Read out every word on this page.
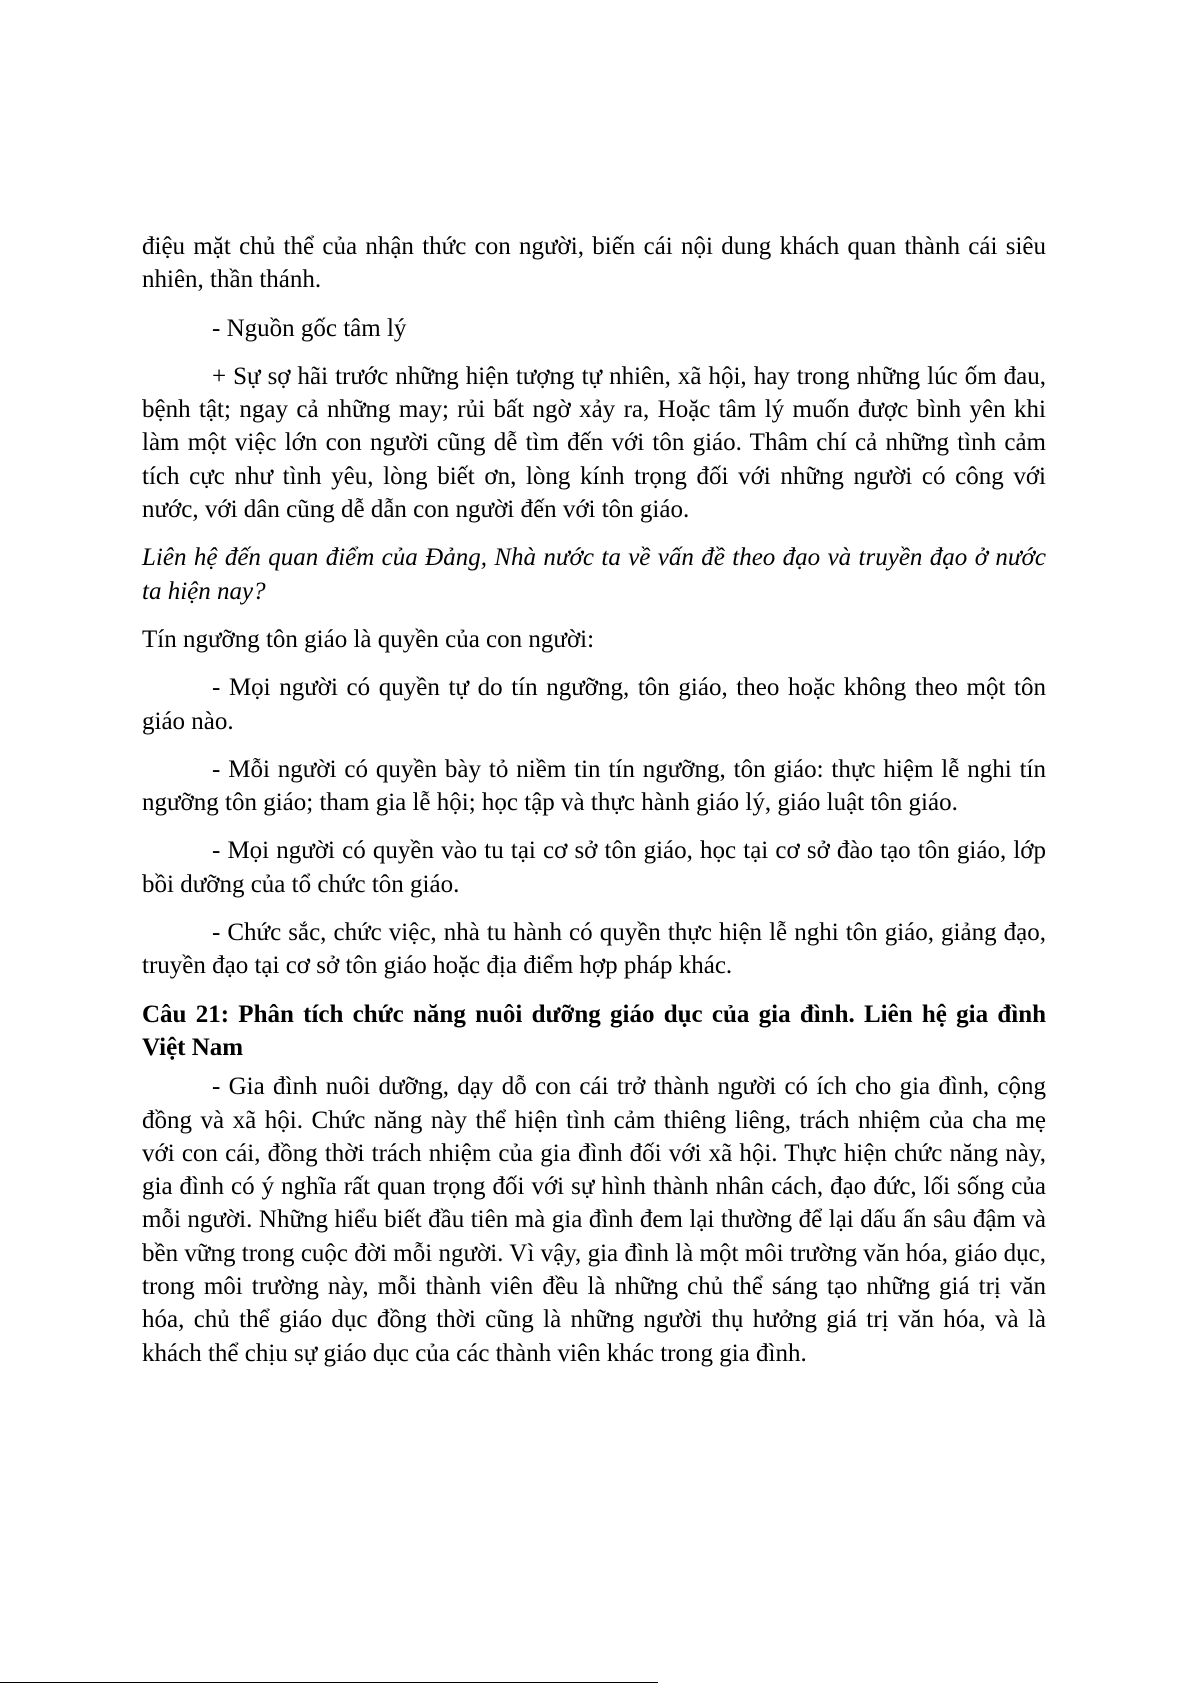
điệu mặt chủ thể của nhận thức con người, biến cái nội dung khách quan thành cái siêu nhiên, thần thánh.

- Nguồn gốc tâm lý

+ Sự sợ hãi trước những hiện tượng tự nhiên, xã hội, hay trong những lúc ốm đau, bệnh tật; ngay cả những may; rủi bất ngờ xảy ra, Hoặc tâm lý muốn được bình yên khi làm một việc lớn con người cũng dễ tìm đến với tôn giáo. Thâm chí cả những tình cảm tích cực như tình yêu, lòng biết ơn, lòng kính trọng đối với những người có công với nước, với dân cũng dễ dẫn con người đến với tôn giáo.

Liên hệ đến quan điểm của Đảng, Nhà nước ta về vấn đề theo đạo và truyền đạo ở nước ta hiện nay?

Tín ngưỡng tôn giáo là quyền của con người:

- Mọi người có quyền tự do tín ngưỡng, tôn giáo, theo hoặc không theo một tôn giáo nào.

- Mỗi người có quyền bày tỏ niềm tin tín ngưỡng, tôn giáo: thực hiệm lễ nghi tín ngưỡng tôn giáo; tham gia lễ hội; học tập và thực hành giáo lý, giáo luật tôn giáo.

- Mọi người có quyền vào tu tại cơ sở tôn giáo, học tại cơ sở đào tạo tôn giáo, lớp bồi dưỡng của tổ chức tôn giáo.

- Chức sắc, chức việc, nhà tu hành có quyền thực hiện lễ nghi tôn giáo, giảng đạo, truyền đạo tại cơ sở tôn giáo hoặc địa điểm hợp pháp khác.

Câu 21: Phân tích chức năng nuôi dưỡng giáo dục của gia đình. Liên hệ gia đình Việt Nam

- Gia đình nuôi dưỡng, dạy dỗ con cái trở thành người có ích cho gia đình, cộng đồng và xã hội. Chức năng này thể hiện tình cảm thiêng liêng, trách nhiệm của cha mẹ với con cái, đồng thời trách nhiệm của gia đình đối với xã hội. Thực hiện chức năng này, gia đình có ý nghĩa rất quan trọng đối với sự hình thành nhân cách, đạo đức, lối sống của mỗi người. Những hiểu biết đầu tiên mà gia đình đem lại thường để lại dấu ấn sâu đậm và bền vững trong cuộc đời mỗi người. Vì vậy, gia đình là một môi trường văn hóa, giáo dục, trong môi trường này, mỗi thành viên đều là những chủ thể sáng tạo những giá trị văn hóa, chủ thể giáo dục đồng thời cũng là những người thụ hưởng giá trị văn hóa, và là khách thể chịu sự giáo dục của các thành viên khác trong gia đình.
